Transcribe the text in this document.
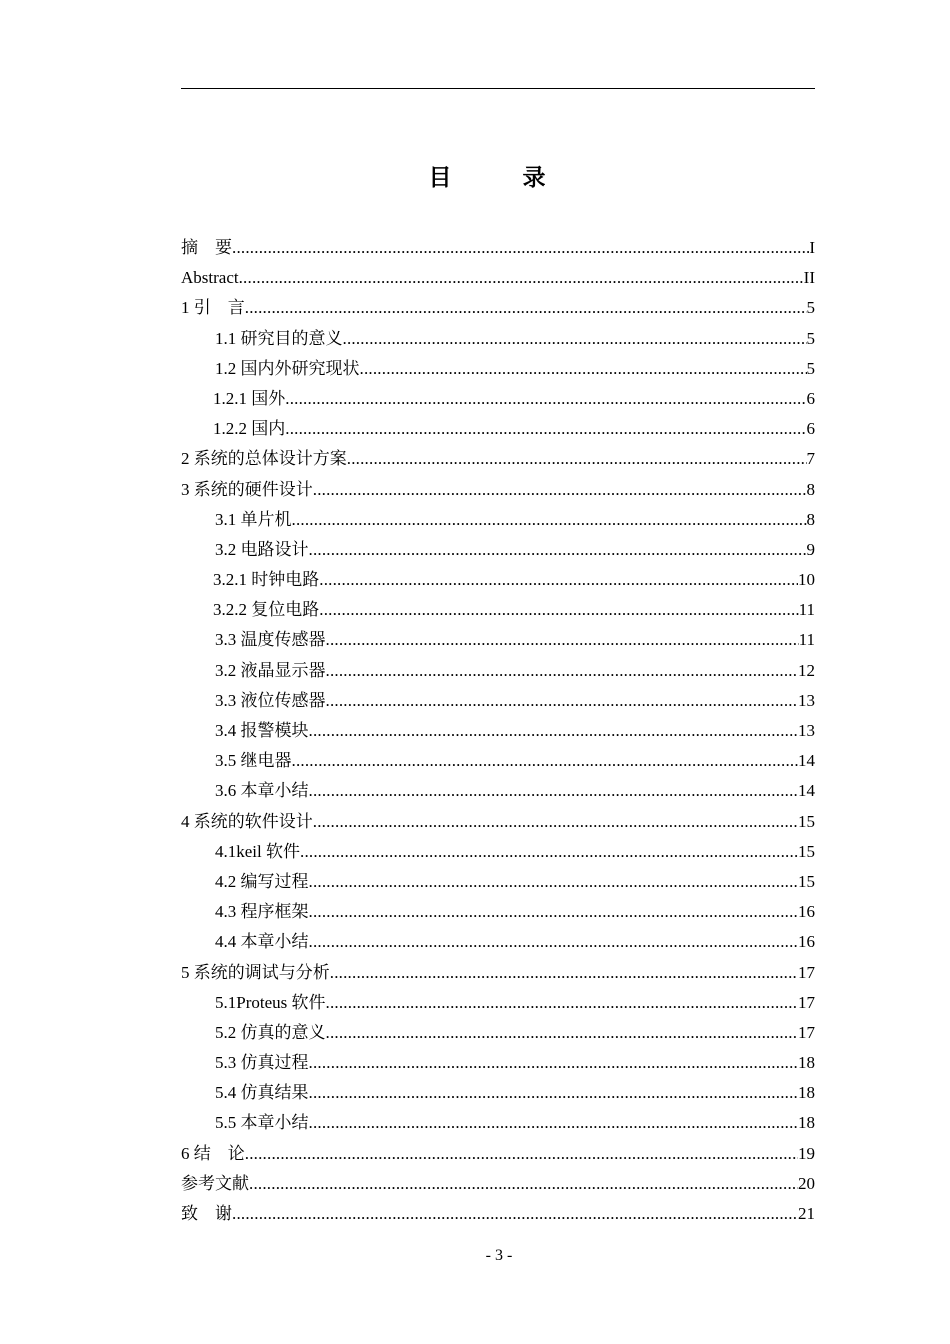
目　录
摘　要 .....	I
Abstract .....	II
1 引　言 .....	5
1.1 研究目的意义 .....	5
1.2 国内外研究现状 .....	5
1.2.1 国外 .....	6
1.2.2 国内 .....	6
2 系统的总体设计方案 .....	7
3 系统的硬件设计 .....	8
3.1 单片机 .....	8
3.2 电路设计 .....	9
3.2.1 时钟电路 .....	10
3.2.2 复位电路 .....	11
3.3 温度传感器 .....	11
3.2 液晶显示器 .....	12
3.3 液位传感器 .....	13
3.4 报警模块 .....	13
3.5 继电器 .....	14
3.6 本章小结 .....	14
4 系统的软件设计 .....	15
4.1keil 软件 .....	15
4.2 编写过程 .....	15
4.3 程序框架 .....	16
4.4 本章小结 .....	16
5 系统的调试与分析 .....	17
5.1Proteus 软件 .....	17
5.2 仿真的意义 .....	17
5.3 仿真过程 .....	18
5.4 仿真结果 .....	18
5.5 本章小结 .....	18
6 结　论 .....	19
参考文献 .....	20
致　谢 .....	21
- 3 -
